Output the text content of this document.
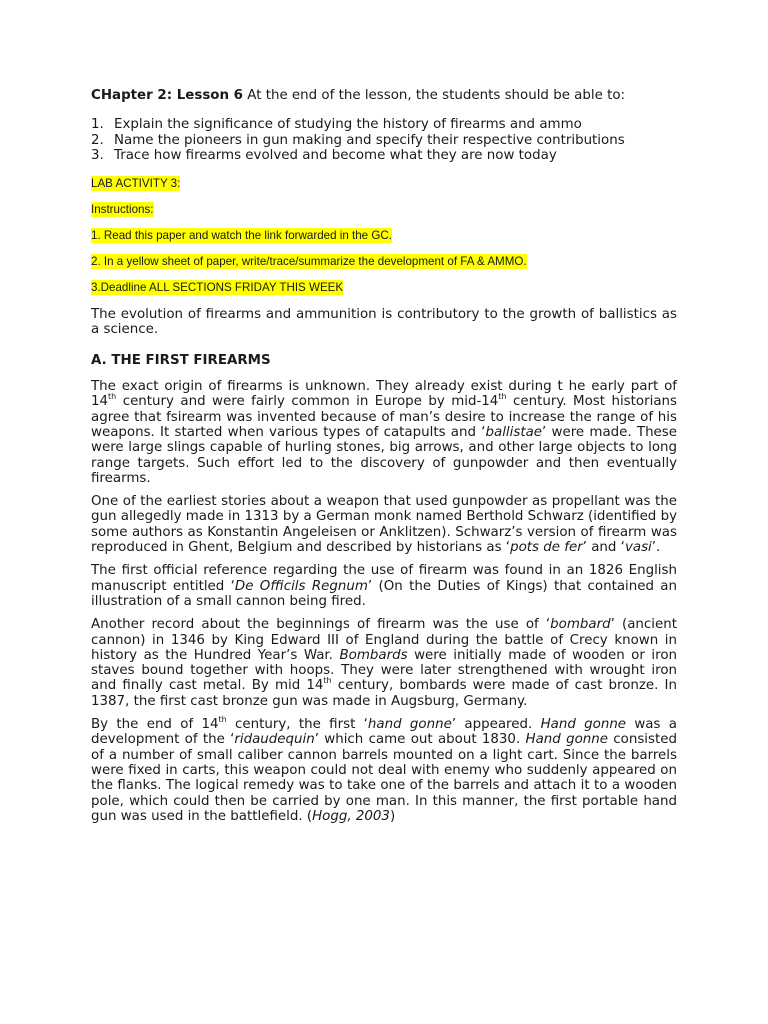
CHapter 2: Lesson 6 At the end of the lesson, the students should be able to:

1. Explain the significance of studying the history of firearms and ammo
2. Name the pioneers in gun making and specify their respective contributions
3. Trace how firearms evolved and become what they are now today

LAB ACTIVITY 3:

Instructions:

1. Read this paper and watch the link forwarded in the GC.

2. In a yellow sheet of paper, write/trace/summarize the development of FA & AMMO.

3.Deadline ALL SECTIONS FRIDAY THIS WEEK

The evolution of firearms and ammunition is contributory to the growth of ballistics as a science.

A. THE FIRST FIREARMS

The exact origin of firearms is unknown. They already exist during t he early part of 14th century and were fairly common in Europe by mid-14th century. Most historians agree that fsirearm was invented because of man’s desire to increase the range of his weapons. It started when various types of catapults and ‘ballistae’ were made. These were large slings capable of hurling stones, big arrows, and other large objects to long range targets. Such effort led to the discovery of gunpowder and then eventually firearms.

One of the earliest stories about a weapon that used gunpowder as propellant was the gun allegedly made in 1313 by a German monk named Berthold Schwarz (identified by some authors as Konstantin Angeleisen or Anklitzen). Schwarz’s version of firearm was reproduced in Ghent, Belgium and described by historians as ‘pots de fer’ and ‘vasi’.

The first official reference regarding the use of firearm was found in an 1826 English manuscript entitled ‘De Officils Regnum’ (On the Duties of Kings) that contained an illustration of a small cannon being fired.

Another record about the beginnings of firearm was the use of ‘bombard’ (ancient cannon) in 1346 by King Edward III of England during the battle of Crecy known in history as the Hundred Year’s War. Bombards were initially made of wooden or iron staves bound together with hoops. They were later strengthened with wrought iron and finally cast metal. By mid 14th century, bombards were made of cast bronze. In 1387, the first cast bronze gun was made in Augsburg, Germany.

By the end of 14th century, the first ‘hand gonne’ appeared. Hand gonne was a development of the ‘ridaudequin’ which came out about 1830. Hand gonne consisted of a number of small caliber cannon barrels mounted on a light cart. Since the barrels were fixed in carts, this weapon could not deal with enemy who suddenly appeared on the flanks. The logical remedy was to take one of the barrels and attach it to a wooden pole, which could then be carried by one man. In this manner, the first portable hand gun was used in the battlefield. (Hogg, 2003)
